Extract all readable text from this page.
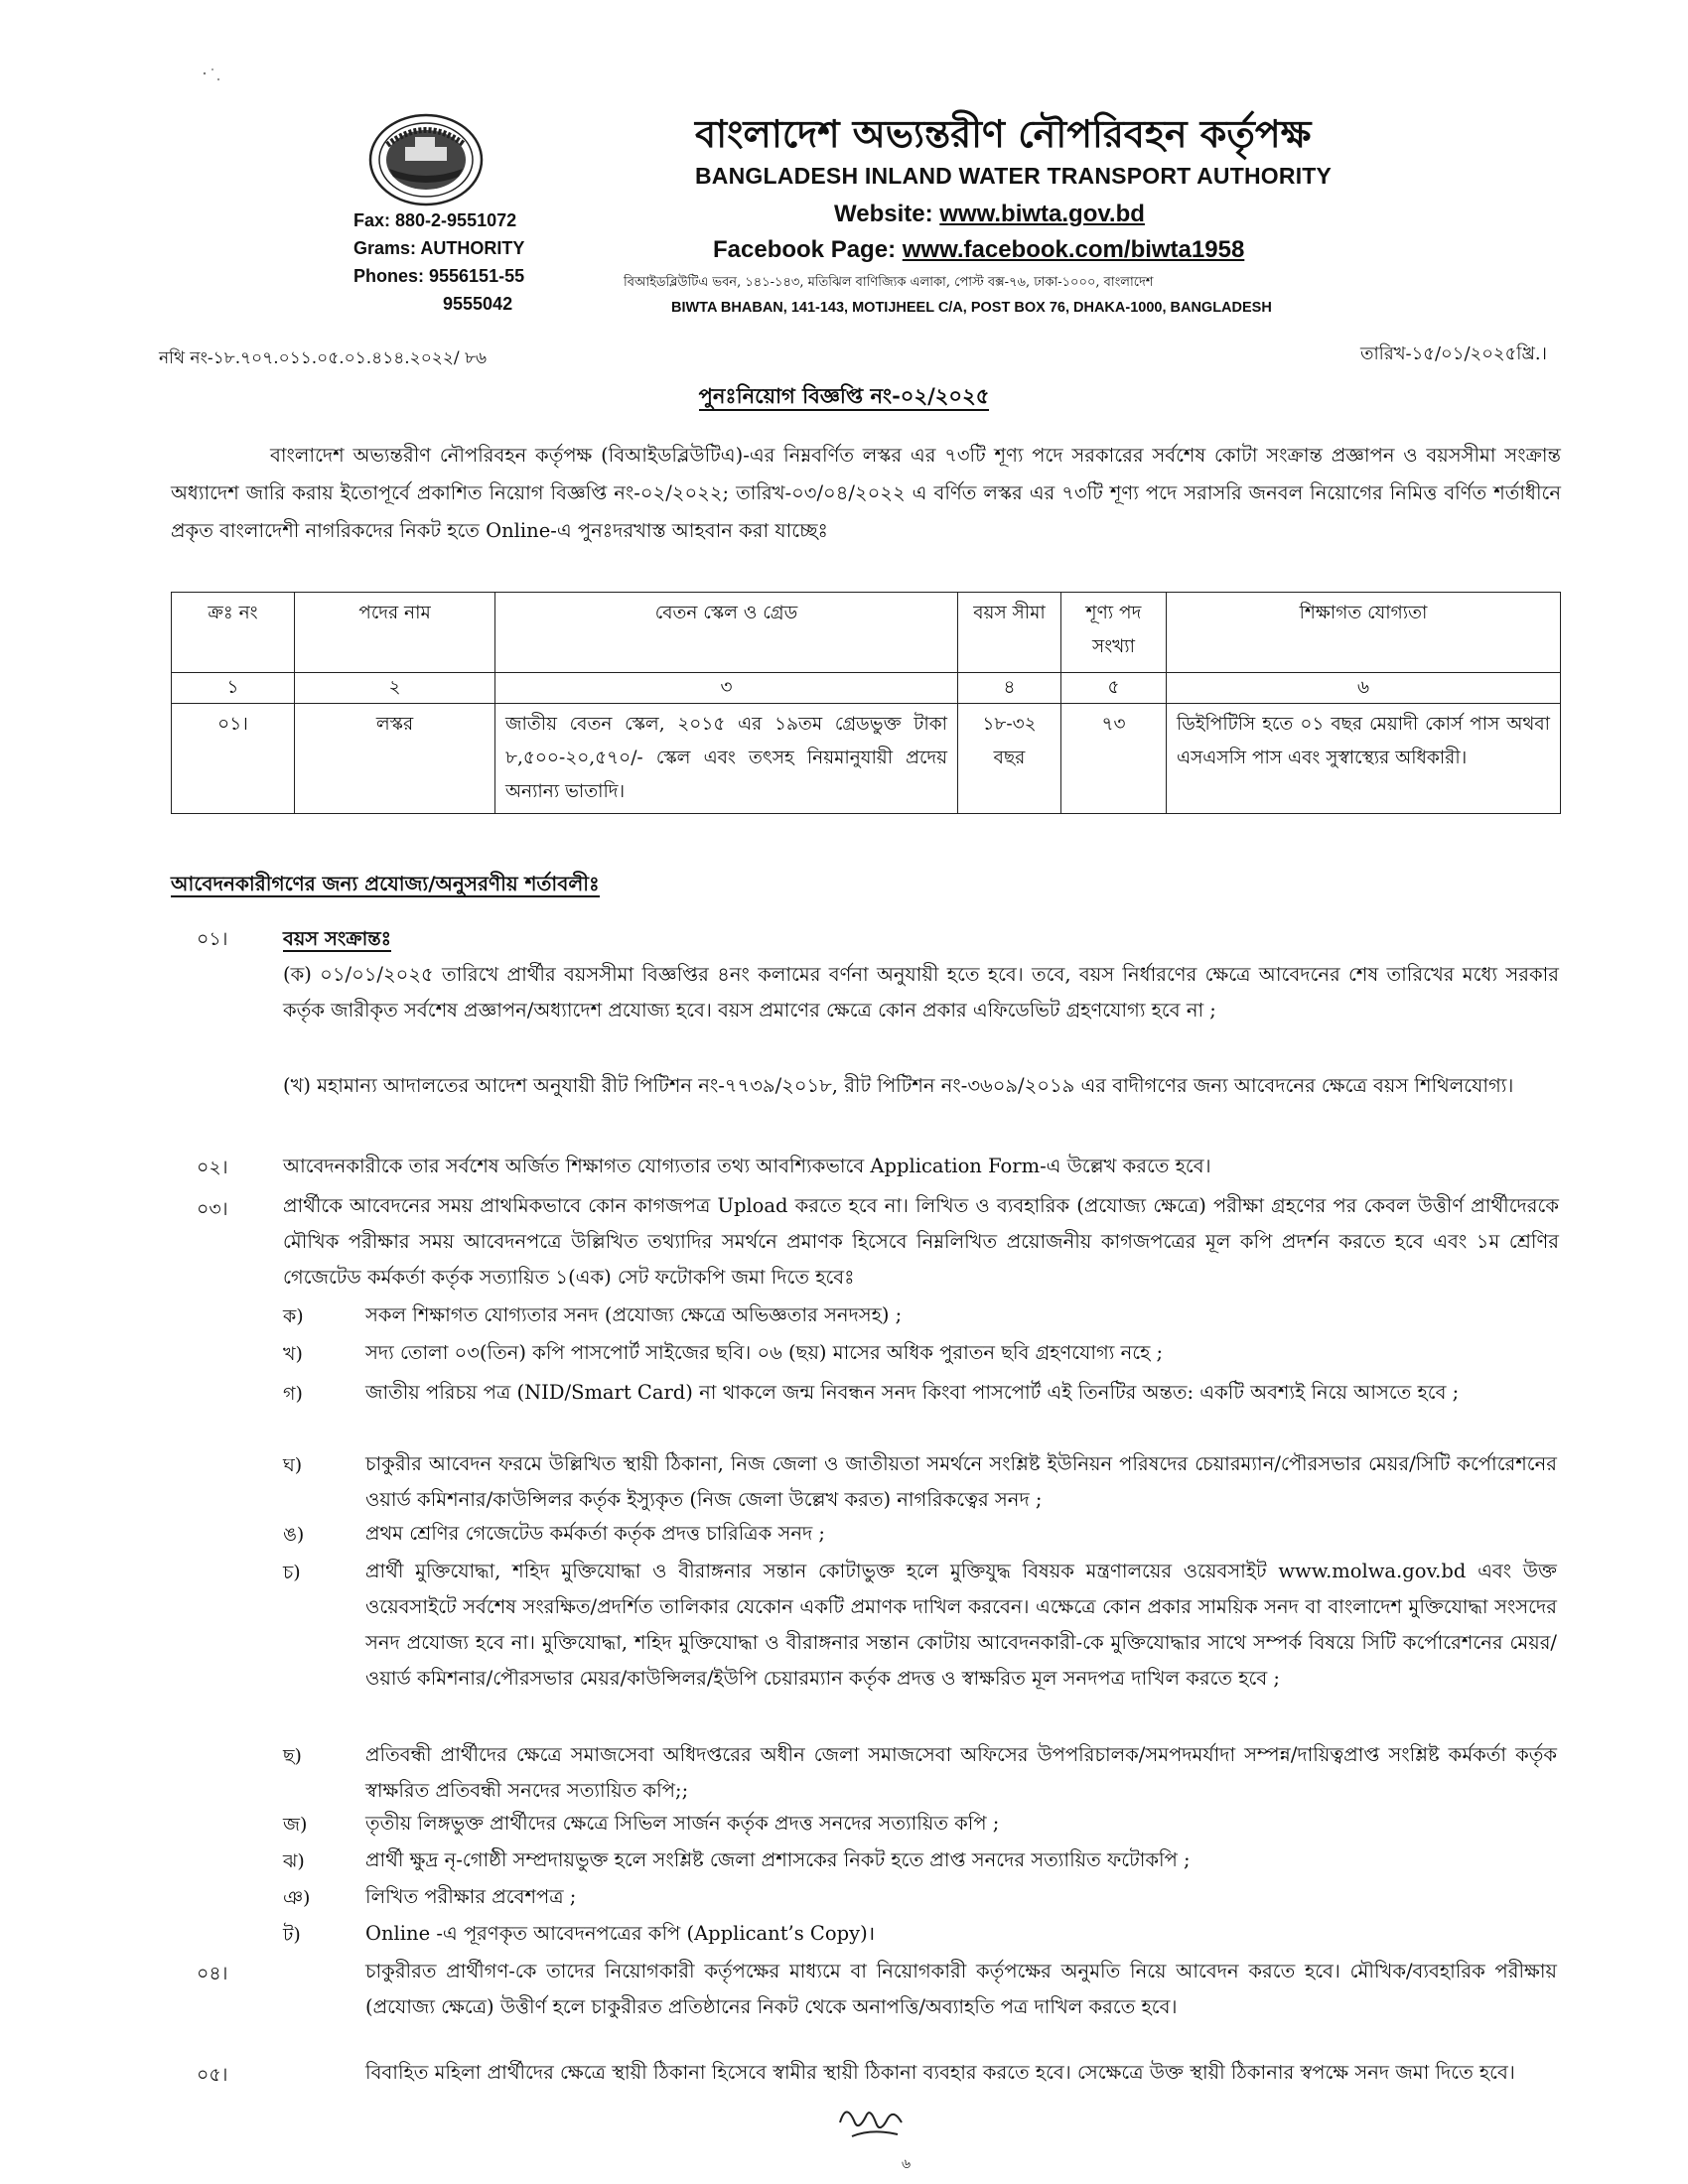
Fax: 880-2-9551072
Grams: AUTHORITY
Phones: 9556151-55
9555042
বাংলাদেশ অভ্যন্তরীণ নৌপরিবহন কর্তৃপক্ষ
BANGLADESH INLAND WATER TRANSPORT AUTHORITY
Website: www.biwta.gov.bd
Facebook Page: www.facebook.com/biwta1958
বিআইডব্লিউটিএ ভবন, ১৪১-১৪৩, মতিঝিল বাণিজ্যিক এলাকা, পোস্ট বক্স-৭৬, ঢাকা-১০০০, বাংলাদেশ
BIWTA BHABAN, 141-143, MOTIJHEEL C/A, POST BOX 76, DHAKA-1000, BANGLADESH
নথি নং-১৮.৭০৭.০১১.০৫.০১.৪১৪.২০২২/ ৮৬	তারিখ-১৫/০১/২০২৫খ্রি.।
পুনঃনিয়োগ বিজ্ঞপ্তি নং-০২/২০২৫
বাংলাদেশ অভ্যন্তরীণ নৌপরিবহন কর্তৃপক্ষ (বিআইডব্লিউটিএ)-এর নিম্নবর্ণিত লস্কর এর ৭৩টি শূণ্য পদে সরকারের সর্বশেষ কোটা সংক্রান্ত প্রজ্ঞাপন ও বয়সসীমা সংক্রান্ত অধ্যাদেশ জারি করায় ইতোপূর্বে প্রকাশিত নিয়োগ বিজ্ঞপ্তি নং-০২/২০২২; তারিখ-০৩/০৪/২০২২ এ বর্ণিত লস্কর এর ৭৩টি শূণ্য পদে সরাসরি জনবল নিয়োগের নিমিত্ত বর্ণিত শর্তাধীনে প্রকৃত বাংলাদেশী নাগরিকদের নিকট হতে Online-এ পুনঃদরখাস্ত আহবান করা যাচ্ছেঃ
ক্রঃ নং	পদের নাম	বেতন স্কেল ও গ্রেড	বয়স সীমা	শূণ্য পদ সংখ্যা	শিক্ষাগত যোগ্যতা
১	২	৩	৪	৫	৬
০১।	লস্কর	জাতীয় বেতন স্কেল, ২০১৫ এর ১৯তম গ্রেডভুক্ত টাকা ৮,৫০০-২০,৫৭০/- স্কেল এবং তৎসহ নিয়মানুযায়ী প্রদেয় অন্যান্য ভাতাদি।	১৮-৩২ বছর	৭৩	ডিইপিটিসি হতে ০১ বছর মেয়াদী কোর্স পাস অথবা এসএসসি পাস এবং সুস্বাস্থ্যের অধিকারী।
আবেদনকারীগণের জন্য প্রযোজ্য/অনুসরণীয় শর্তাবলীঃ
০১।	বয়স সংক্রান্তঃ
(ক) ০১/০১/২০২৫ তারিখে প্রার্থীর বয়সসীমা বিজ্ঞপ্তির ৪নং কলামের বর্ণনা অনুযায়ী হতে হবে। তবে, বয়স নির্ধারণের ক্ষেত্রে আবেদনের শেষ তারিখের মধ্যে সরকার কর্তৃক জারীকৃত সর্বশেষ প্রজ্ঞাপন/অধ্যাদেশ প্রযোজ্য হবে। বয়স প্রমাণের ক্ষেত্রে কোন প্রকার এফিডেভিট গ্রহণযোগ্য হবে না ;
(খ) মহামান্য আদালতের আদেশ অনুযায়ী রীট পিটিশন নং-৭৭৩৯/২০১৮, রীট পিটিশন নং-৩৬০৯/২০১৯ এর বাদীগণের জন্য আবেদনের ক্ষেত্রে বয়স শিথিলযোগ্য।
০২।	আবেদনকারীকে তার সর্বশেষ অর্জিত শিক্ষাগত যোগ্যতার তথ্য আবশ্যিকভাবে Application Form-এ উল্লেখ করতে হবে।
০৩।	প্রার্থীকে আবেদনের সময় প্রাথমিকভাবে কোন কাগজপত্র Upload করতে হবে না। লিখিত ও ব্যবহারিক (প্রযোজ্য ক্ষেত্রে) পরীক্ষা গ্রহণের পর কেবল উত্তীর্ণ প্রার্থীদেরকে মৌখিক পরীক্ষার সময় আবেদনপত্রে উল্লিখিত তথ্যাদির সমর্থনে প্রমাণক হিসেবে নিম্নলিখিত প্রয়োজনীয় কাগজপত্রের মূল কপি প্রদর্শন করতে হবে এবং ১ম শ্রেণির গেজেটেড কর্মকর্তা কর্তৃক সত্যায়িত ১(এক) সেট ফটোকপি জমা দিতে হবেঃ
ক)	সকল শিক্ষাগত যোগ্যতার সনদ (প্রযোজ্য ক্ষেত্রে অভিজ্ঞতার সনদসহ) ;
খ)	সদ্য তোলা ০৩(তিন) কপি পাসপোর্ট সাইজের ছবি। ০৬ (ছয়) মাসের অধিক পুরাতন ছবি গ্রহণযোগ্য নহে ;
গ)	জাতীয় পরিচয় পত্র (NID/Smart Card) না থাকলে জন্ম নিবন্ধন সনদ কিংবা পাসপোর্ট এই তিনটির অন্তত: একটি অবশ্যই নিয়ে আসতে হবে ;
ঘ)	চাকুরীর আবেদন ফরমে উল্লিখিত স্থায়ী ঠিকানা, নিজ জেলা ও জাতীয়তা সমর্থনে সংশ্লিষ্ট ইউনিয়ন পরিষদের চেয়ারম্যান/পৌরসভার মেয়র/সিটি কর্পোরেশনের ওয়ার্ড কমিশনার/কাউন্সিলর কর্তৃক ইস্যুকৃত (নিজ জেলা উল্লেখ করত) নাগরিকত্বের সনদ ;
ঙ)	প্রথম শ্রেণির গেজেটেড কর্মকর্তা কর্তৃক প্রদত্ত চারিত্রিক সনদ ;
চ)	প্রার্থী মুক্তিযোদ্ধা, শহিদ মুক্তিযোদ্ধা ও বীরাঙ্গনার সন্তান কোটাভুক্ত হলে মুক্তিযুদ্ধ বিষয়ক মন্ত্রণালয়ের ওয়েবসাইট www.molwa.gov.bd এবং উক্ত ওয়েবসাইটে সর্বশেষ সংরক্ষিত/প্রদর্শিত তালিকার যেকোন একটি প্রমাণক দাখিল করবেন। এক্ষেত্রে কোন প্রকার সাময়িক সনদ বা বাংলাদেশ মুক্তিযোদ্ধা সংসদের সনদ প্রযোজ্য হবে না। মুক্তিযোদ্ধা, শহিদ মুক্তিযোদ্ধা ও বীরাঙ্গনার সন্তান কোটায় আবেদনকারী-কে মুক্তিযোদ্ধার সাথে সম্পর্ক বিষয়ে সিটি কর্পোরেশনের মেয়র/ওয়ার্ড কমিশনার/পৌরসভার মেয়র/কাউন্সিলর/ইউপি চেয়ারম্যান কর্তৃক প্রদত্ত ও স্বাক্ষরিত মূল সনদপত্র দাখিল করতে হবে ;
ছ)	প্রতিবন্ধী প্রার্থীদের ক্ষেত্রে সমাজসেবা অধিদপ্তরের অধীন জেলা সমাজসেবা অফিসের উপপরিচালক/সমপদমর্যাদা সম্পন্ন/দায়িত্বপ্রাপ্ত সংশ্লিষ্ট কর্মকর্তা কর্তৃক স্বাক্ষরিত প্রতিবন্ধী সনদের সত্যায়িত কপি;;
জ)	তৃতীয় লিঙ্গভুক্ত প্রার্থীদের ক্ষেত্রে সিভিল সার্জন কর্তৃক প্রদত্ত সনদের সত্যায়িত কপি ;
ঝ)	প্রার্থী ক্ষুদ্র নৃ-গোষ্ঠী সম্প্রদায়ভুক্ত হলে সংশ্লিষ্ট জেলা প্রশাসকের নিকট হতে প্রাপ্ত সনদের সত্যায়িত ফটোকপি ;
ঞ)	লিখিত পরীক্ষার প্রবেশপত্র ;
ট)	Online -এ পূরণকৃত আবেদনপত্রের কপি (Applicant’s Copy)।
০৪।	চাকুরীরত প্রার্থীগণ-কে তাদের নিয়োগকারী কর্তৃপক্ষের মাধ্যমে বা নিয়োগকারী কর্তৃপক্ষের অনুমতি নিয়ে আবেদন করতে হবে। মৌখিক/ব্যবহারিক পরীক্ষায় (প্রযোজ্য ক্ষেত্রে) উত্তীর্ণ হলে চাকুরীরত প্রতিষ্ঠানের নিকট থেকে অনাপত্তি/অব্যাহতি পত্র দাখিল করতে হবে।
০৫।	বিবাহিত মহিলা প্রার্থীদের ক্ষেত্রে স্থায়ী ঠিকানা হিসেবে স্বামীর স্থায়ী ঠিকানা ব্যবহার করতে হবে। সেক্ষেত্রে উক্ত স্থায়ী ঠিকানার স্বপক্ষে সনদ জমা দিতে হবে।
৬
